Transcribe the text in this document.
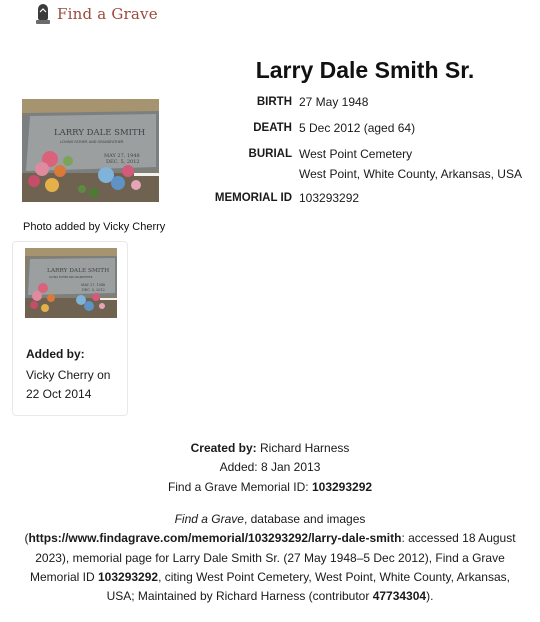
Find a Grave
Larry Dale Smith Sr.
LARRY DALE SMITH
LOVING FATHER AND GRANDFATHER
MAY 27, 1948
DEC. 5, 2012
Photo added by Vicky Cherry
BIRTH 27 May 1948
DEATH 5 Dec 2012 (aged 64)
BURIAL West Point Cemetery
West Point, White County, Arkansas, USA
MEMORIAL ID 103293292
LARRY DALE SMITH
LOVING FATHER AND GRANDFATHER
MAY 27, 1948
DEC. 5, 2012
Added by:
Vicky Cherry on
22 Oct 2014
Created by: Richard Harness
Added: 8 Jan 2013
Find a Grave Memorial ID: 103293292
Find a Grave, database and images
(https://www.findagrave.com/memorial/103293292/larry-dale-smith: accessed 18 August
2023), memorial page for Larry Dale Smith Sr. (27 May 1948–5 Dec 2012), Find a Grave
Memorial ID 103293292, citing West Point Cemetery, West Point, White County, Arkansas,
USA; Maintained by Richard Harness (contributor 47734304).
